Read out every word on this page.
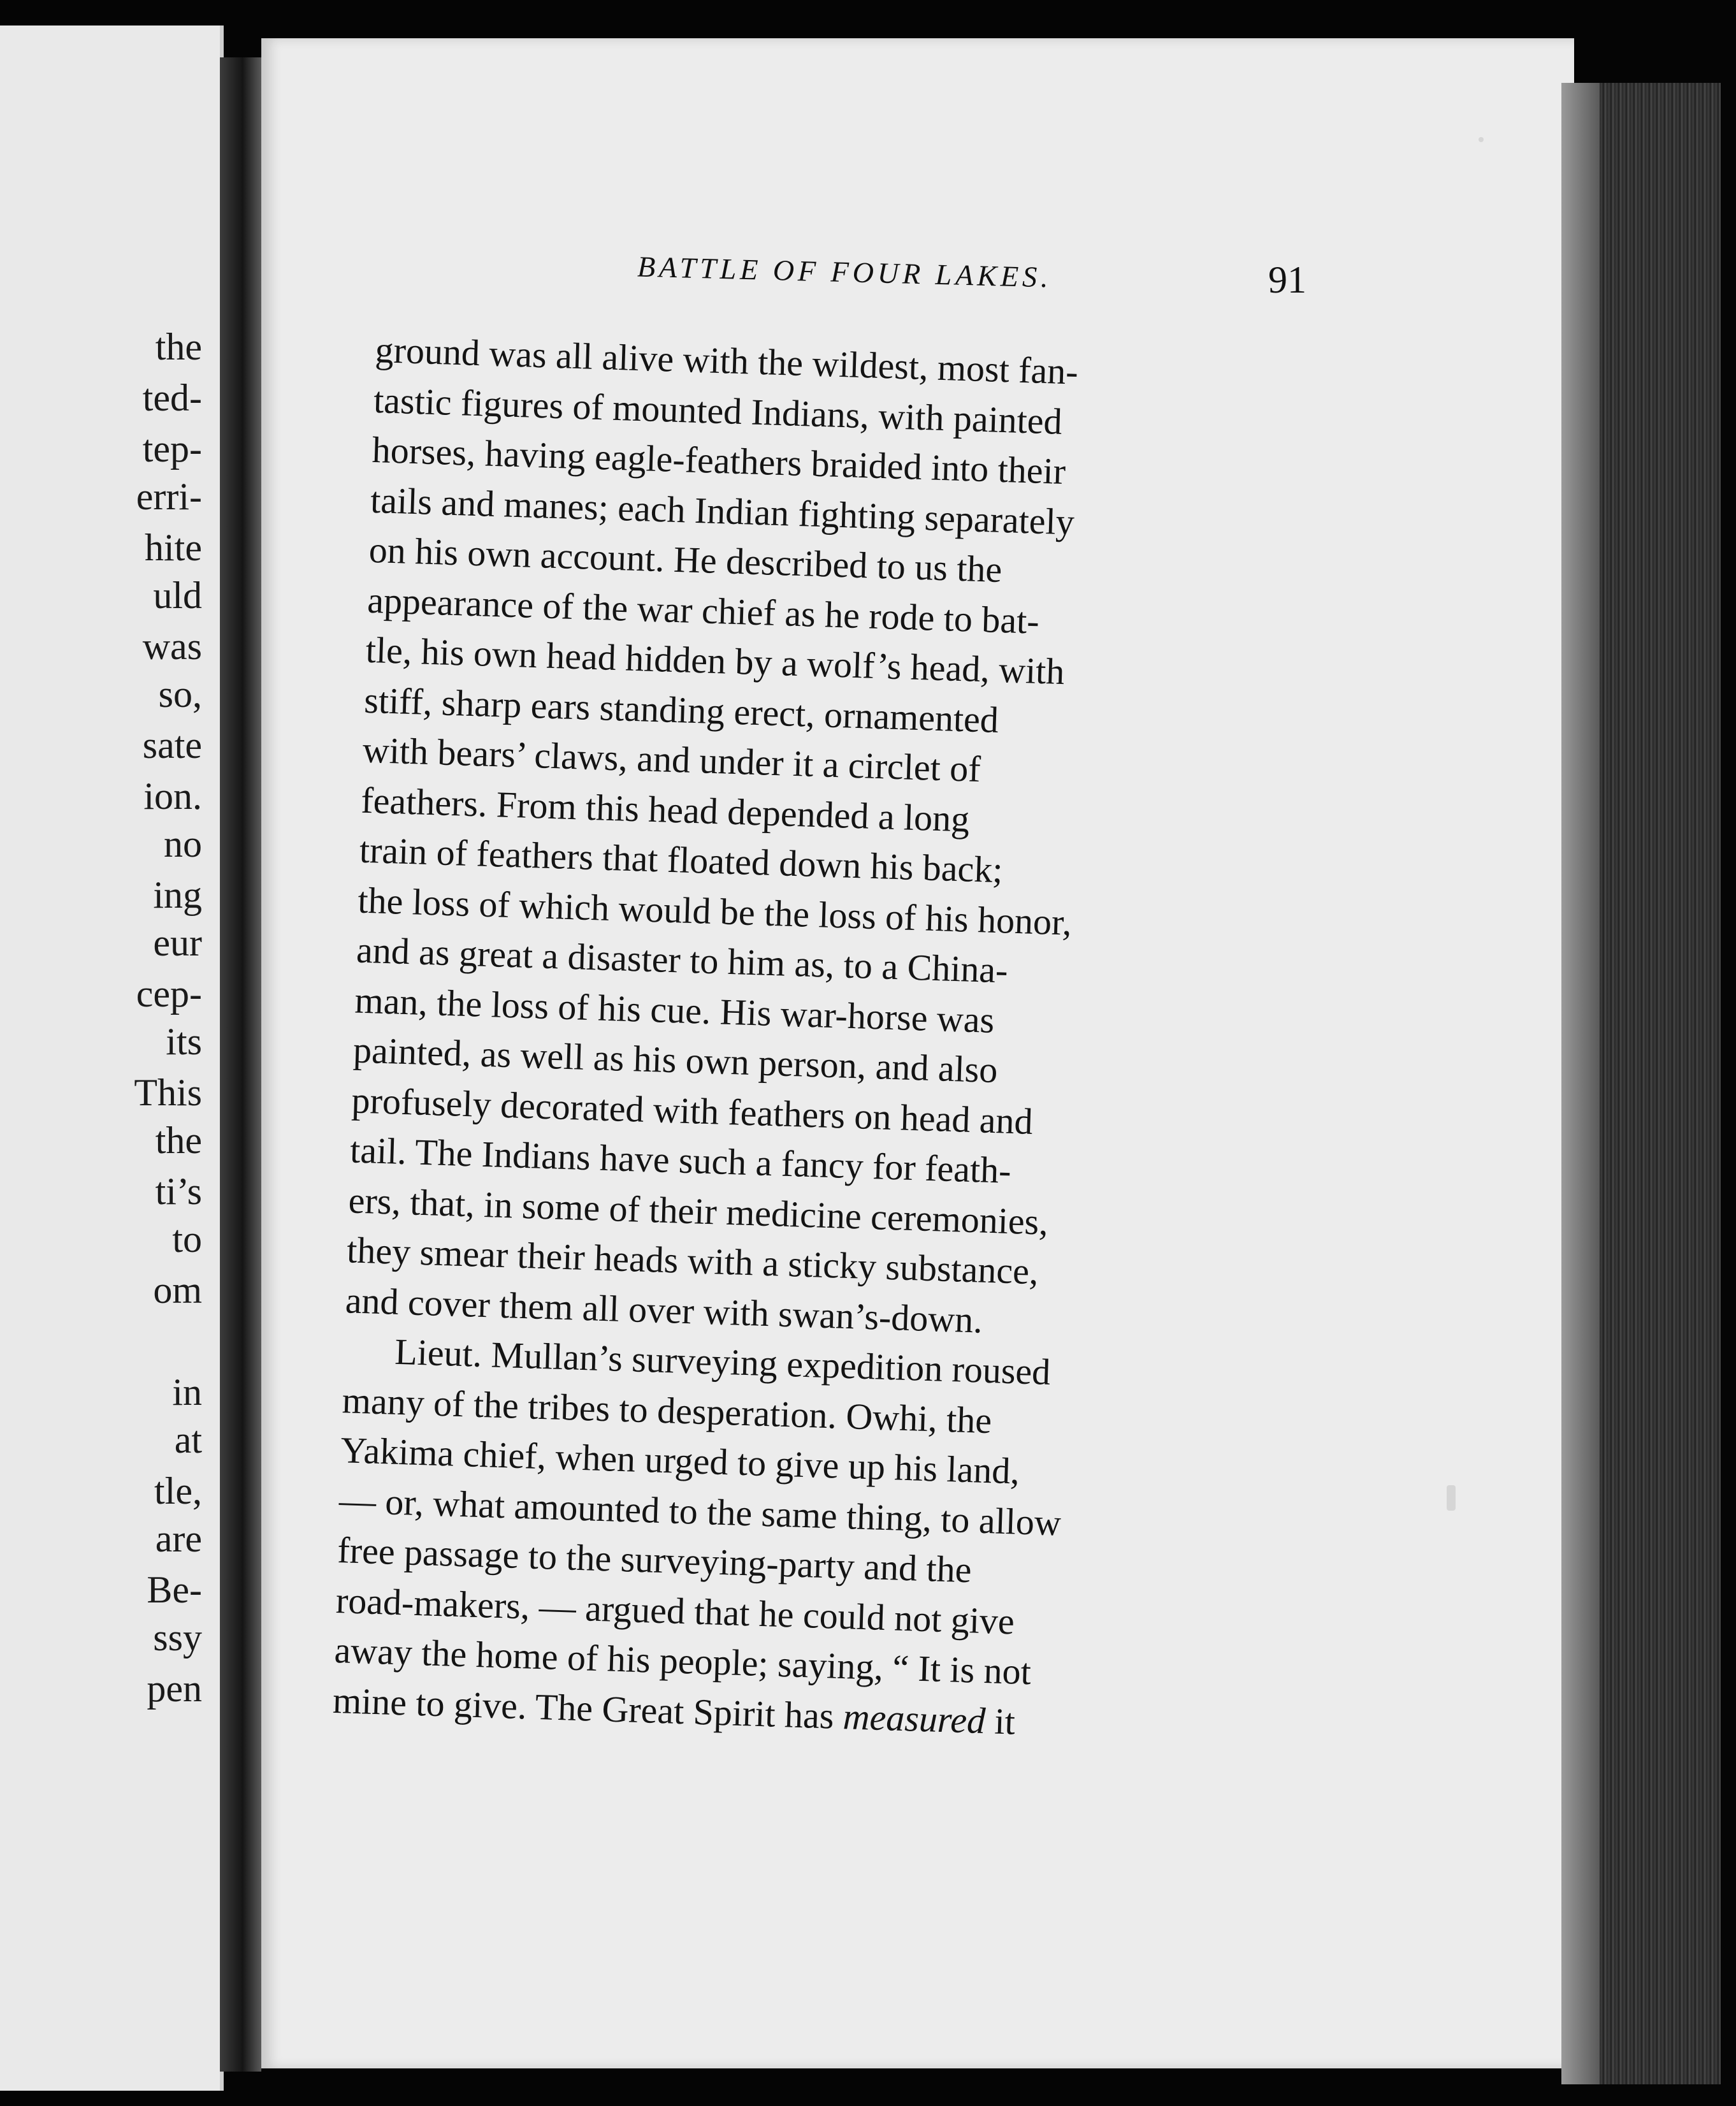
the

ted-

tep-

erri-

hite

uld

was

so,

sate

ion.

no

ing

eur

cep-

its

This

the

ti’s

to

om

in

at

tle,

are

Be-

ssy

pen

BATTLE OF FOUR LAKES.	91

ground was all alive with the wildest, most fan-

tastic figures of mounted Indians, with painted

horses, having eagle-feathers braided into their

tails and manes; each Indian fighting separately

on his own account. He described to us the

appearance of the war chief as he rode to bat-

tle, his own head hidden by a wolf’s head, with

stiff, sharp ears standing erect, ornamented

with bears’ claws, and under it a circlet of

feathers. From this head depended a long

train of feathers that floated down his back;

the loss of which would be the loss of his honor,

and as great a disaster to him as, to a China-

man, the loss of his cue. His war-horse was

painted, as well as his own person, and also

profusely decorated with feathers on head and

tail. The Indians have such a fancy for feath-

ers, that, in some of their medicine ceremonies,

they smear their heads with a sticky substance,

and cover them all over with swan’s-down.

Lieut. Mullan’s surveying expedition roused

many of the tribes to desperation. Owhi, the

Yakima chief, when urged to give up his land,

— or, what amounted to the same thing, to allow

free passage to the surveying-party and the

road-makers, — argued that he could not give

away the home of his people; saying, “ It is not

mine to give. The Great Spirit has measured it
